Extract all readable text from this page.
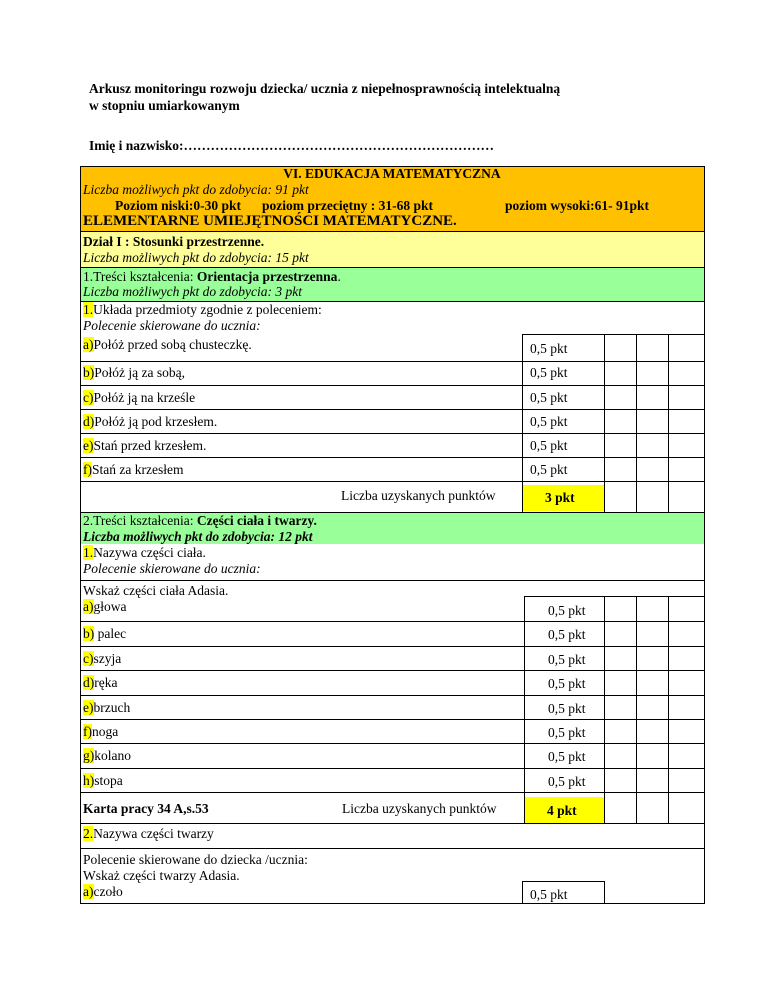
Arkusz monitoringu rozwoju dziecka/ ucznia z niepełnosprawnością intelektualną
w stopniu umiarkowanym
Imię i nazwisko:……………………………………………………………
VI. EDUKACJA MATEMATYCZNA
Liczba możliwych pkt do zdobycia: 91 pkt
Poziom niski:0-30 pkt poziom przeciętny : 31-68 pkt	poziom wysoki:61- 91pkt
ELEMENTARNE UMIEJĘTNOŚCI MATEMATYCZNE.
Dział I : Stosunki przestrzenne.
Liczba możliwych pkt do zdobycia: 15 pkt
1.Treści kształcenia: Orientacja przestrzenna.
Liczba możliwych pkt do zdobycia: 3 pkt
1.Układa przedmioty zgodnie z poleceniem:
Polecenie skierowane do ucznia:
a)Połóż przed sobą chusteczkę.	0,5 pkt
b)Połóż ją za sobą,	0,5 pkt
c)Połóż ją na krześle	0,5 pkt
d)Połóż ją pod krzesłem.	0,5 pkt
e)Stań przed krzesłem.	0,5 pkt
f)Stań za krzesłem	0,5 pkt
Liczba uzyskanych punktów	3 pkt
2.Treści kształcenia: Części ciała i twarzy.
Liczba możliwych pkt do zdobycia: 12 pkt
1.Nazywa części ciała.
Polecenie skierowane do ucznia:
Wskaż części ciała Adasia.
a)głowa	0,5 pkt
b) palec	0,5 pkt
c)szyja	0,5 pkt
d)ręka	0,5 pkt
e)brzuch	0,5 pkt
f)noga	0,5 pkt
g)kolano	0,5 pkt
h)stopa	0,5 pkt
Karta pracy 34 A,s.53	Liczba uzyskanych punktów	4 pkt
2.Nazywa części twarzy
Polecenie skierowane do dziecka /ucznia:
Wskaż części twarzy Adasia.
a)czoło	0,5 pkt
